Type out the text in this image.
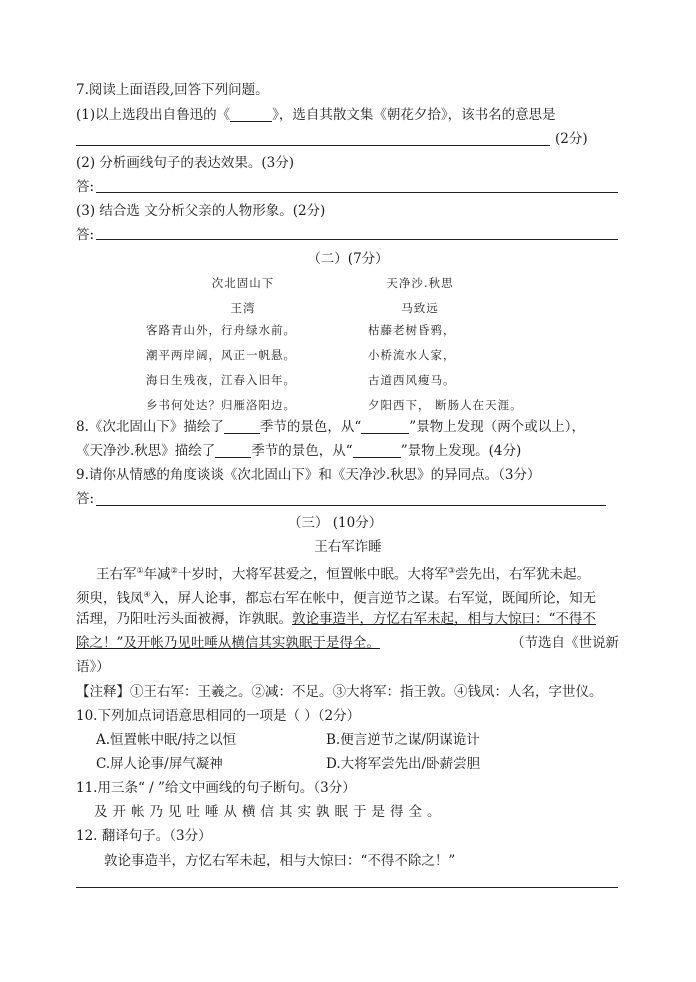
7.阅读上面语段,回答下列问题。
(1)以上选段出自鲁迅的《	》，选自其散文集《朝花夕拾》，该书名的意思是
(2分)
(2) 分析画线句子的表达效果。(3分)
答:
(3) 结合选 文分析父亲的人物形象。(2分)
答:
（二）(7分）
次北固山下
王湾
客路青山外，行舟绿水前。
潮平两岸阔，风正一帆悬。
海日生残夜，江春入旧年。
乡书何处达？归雁洛阳边。
天净沙.秋思
马致远
枯藤老树昏鸦，
小桥流水人家，
古道西风瘦马。
夕阳西下， 断肠人在天涯。
8.《次北固山下》描绘了	季节的景色，从“	”景物上发现（两个或以上），
《天净沙.秋思》描绘了	季节的景色，从“	”景物上发现。(4分)
9.请你从情感的角度谈谈《次北固山下》和《天净沙.秋思》的异同点。（3分）
答:
（三） (10分）
王右军诈睡
王右军①年减②十岁时，大将军甚爱之，恒置帐中眠。大将军③尝先出，右军犹未起。
须臾，钱凤④入，屏人论事，都忘右军在帐中，便言逆节之谋。右军觉，既闻所论，知无
活理，乃阳吐污头面被褥，诈孰眠。敦论事造半，方忆右军未起，相与大惊曰：“不得不
除之！”及开帐乃见吐唾从横信其实孰眠于是得全。	（节选自《世说新
语》）
【注释】①王右军：王羲之。②减：不足。③大将军：指王敦。④钱凤：人名，字世仪。
10.下列加点词语意思相同的一项是（ ）（2分）
A.恒置帐中眠/持之以恒	B.便言逆节之谋/阴谋诡计
C.屏人论事/屏气凝神	D.大将军尝先出/卧薪尝胆
11.用三条“ / ”给文中画线的句子断句。（3分）
及开帐乃见吐唾从横信其实孰眠于是得全。
12. 翻译句子。（3分）
敦论事造半，方忆右军未起，相与大惊曰：“不得不除之！”
